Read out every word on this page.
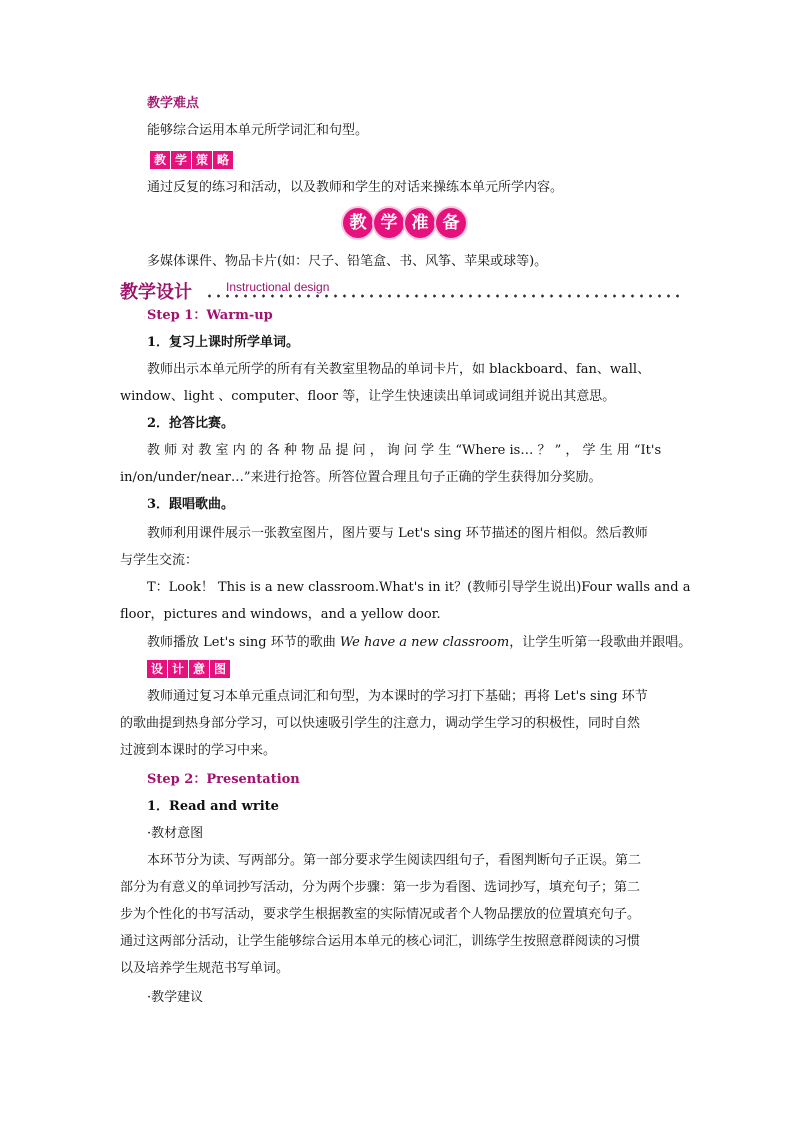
教学难点
能够综合运用本单元所学词汇和句型。
教 学 策 略
通过反复的练习和活动，以及教师和学生的对话来操练本单元所学内容。
教 学 准 备
多媒体课件、物品卡片(如：尺子、铅笔盒、书、风筝、苹果或球等)。
教学设计	Instructional design
Step 1：Warm-up
1．复习上课时所学单词。
教师出示本单元所学的所有有关教室里物品的单词卡片，如 blackboard、fan、wall、
window、light 、computer、floor 等，让学生快速读出单词或词组并说出其意思。
2．抢答比赛。
教 师 对 教 室 内 的 各 种 物 品 提 问 ， 询 问 学 生 “Where is… ？ ” ， 学 生 用 “It's
in/on/under/near…”来进行抢答。所答位置合理且句子正确的学生获得加分奖励。
3．跟唱歌曲。
教师利用课件展示一张教室图片，图片要与 Let's sing 环节描述的图片相似。然后教师
与学生交流：
T：Look！ This is a new classroom.What's in it？(教师引导学生说出)Four walls and a
floor，pictures and windows，and a yellow door.
教师播放 Let's sing 环节的歌曲 We have a new classroom，让学生听第一段歌曲并跟唱。
设 计 意 图
教师通过复习本单元重点词汇和句型，为本课时的学习打下基础；再将 Let's sing 环节
的歌曲提到热身部分学习，可以快速吸引学生的注意力，调动学生学习的积极性，同时自然
过渡到本课时的学习中来。
Step 2：Presentation
1．Read and write
·教材意图
本环节分为读、写两部分。第一部分要求学生阅读四组句子，看图判断句子正误。第二
部分为有意义的单词抄写活动，分为两个步骤：第一步为看图、选词抄写，填充句子；第二
步为个性化的书写活动，要求学生根据教室的实际情况或者个人物品摆放的位置填充句子。
通过这两部分活动，让学生能够综合运用本单元的核心词汇，训练学生按照意群阅读的习惯
以及培养学生规范书写单词。
·教学建议
